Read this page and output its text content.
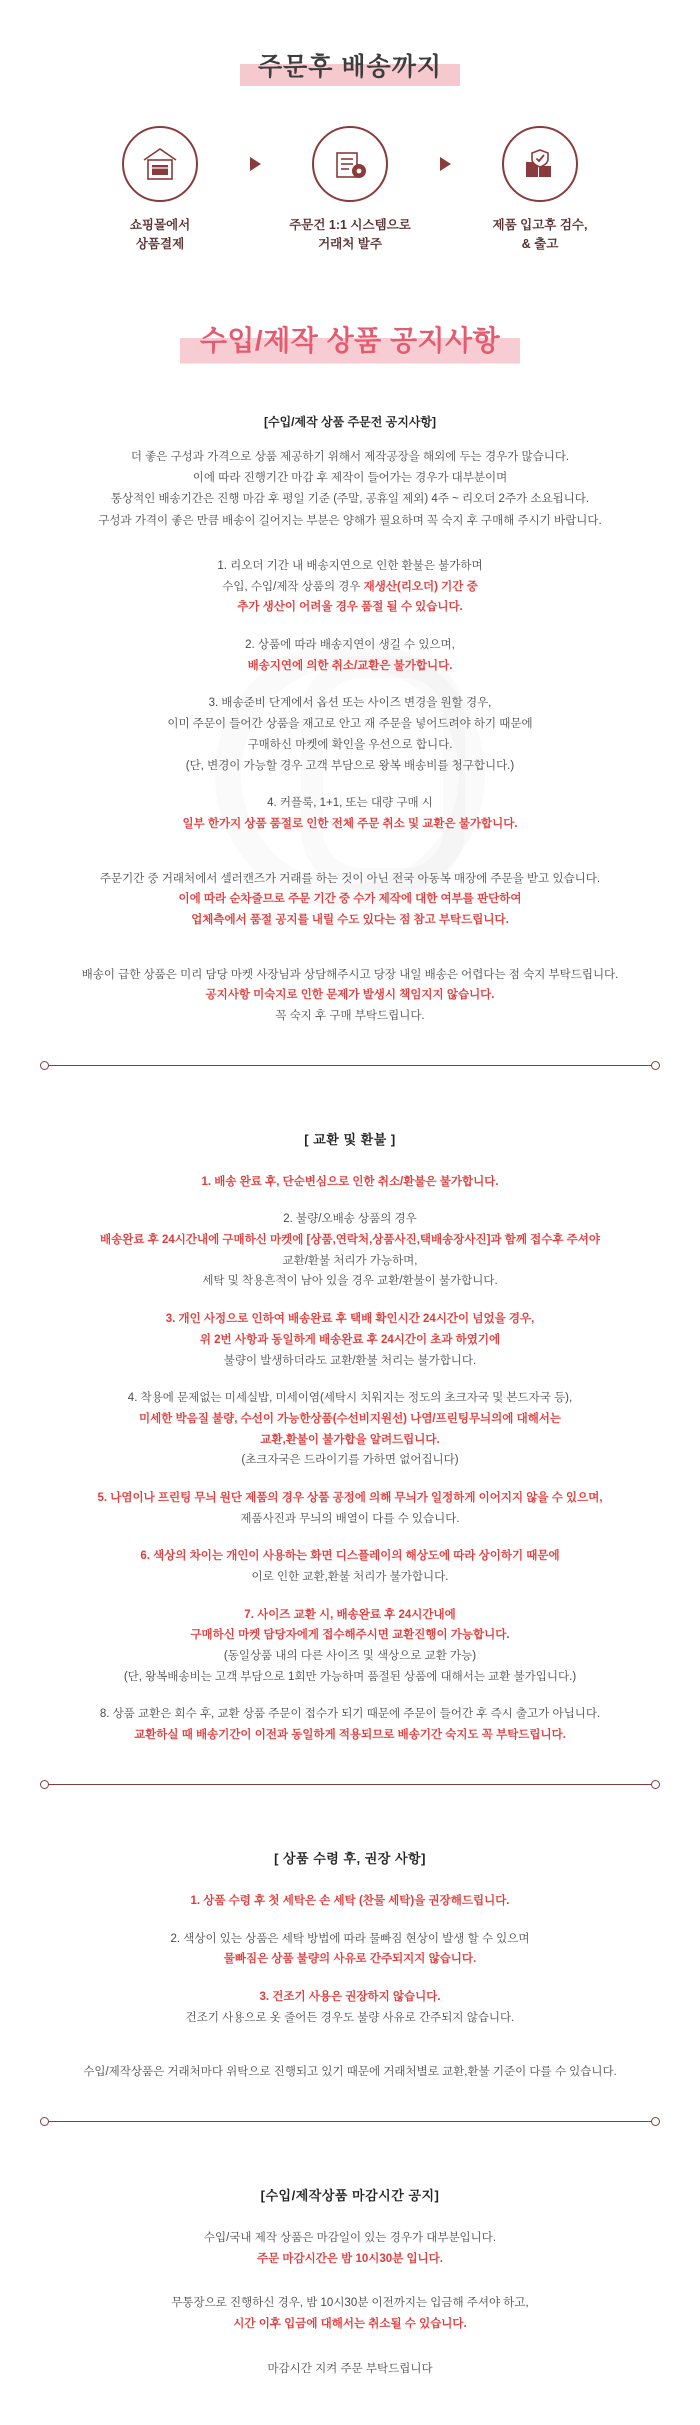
주문후 배송까지
쇼핑몰에서
상품결제
주문건 1:1 시스템으로
거래처 발주
제품 입고후 검수,
& 출고
수입/제작 상품 공지사항
[수입/제작 상품 주문전 공지사항]
더 좋은 구성과 가격으로 상품 제공하기 위해서 제작공장을 해외에 두는 경우가 많습니다.
이에 따라 진행기간 마감 후 제작이 들어가는 경우가 대부분이며
통상적인 배송기간은 진행 마감 후 평일 기준 (주말, 공휴일 제외) 4주 ~ 리오더 2주가 소요됩니다.
구성과 가격이 좋은 만큼 배송이 길어지는 부분은 양해가 필요하며 꼭 숙지 후 구매해 주시기 바랍니다.
1. 리오더 기간 내 배송지연으로 인한 환불은 불가하며
수입, 수입/제작 상품의 경우 재생산(리오더) 기간 중
추가 생산이 어려울 경우 품절 될 수 있습니다.
2. 상품에 따라 배송지연이 생길 수 있으며,
배송지연에 의한 취소/교환은 불가합니다.
3. 배송준비 단계에서 옵션 또는 사이즈 변경을 원할 경우,
이미 주문이 들어간 상품을 재고로 안고 재 주문을 넣어드려야 하기 때문에
구매하신 마켓에 확인을 우선으로 합니다.
(단, 변경이 가능할 경우 고객 부담으로 왕복 배송비를 청구합니다.)
4. 커플룩, 1+1, 또는 대량 구매 시
일부 한가지 상품 품절로 인한 전체 주문 취소 및 교환은 불가합니다.
주문기간 중 거래처에서 셀러캔즈가 거래를 하는 것이 아닌 전국 아동복 매장에 주문을 받고 있습니다.
이에 따라 순차줄므로 주문 기간 중 수가 제작에 대한 여부를 판단하여
업체측에서 품절 공지를 내릴 수도 있다는 점 참고 부탁드립니다.
배송이 급한 상품은 미리 담당 마켓 사장님과 상담해주시고 당장 내일 배송은 어렵다는 점 숙지 부탁드립니다.
공지사항 미숙지로 인한 문제가 발생시 책임지지 않습니다.
꼭 숙지 후 구매 부탁드립니다.
[ 교환 및 환불 ]
1. 배송 완료 후, 단순변심으로 인한 취소/환불은 불가합니다.
2. 불량/오배송 상품의 경우
배송완료 후 24시간내에 구매하신 마켓에 [상품,연락처,상품사진,택배송장사진]과 함께 접수후 주셔야
교환/환불 처리가 가능하며,
세탁 및 착용흔적이 남아 있을 경우 교환/환불이 불가합니다.
3. 개인 사정으로 인하여 배송완료 후 택배 확인시간 24시간이 넘었을 경우,
위 2번 사항과 동일하게 배송완료 후 24시간이 초과 하였기에
불량이 발생하더라도 교환/환불 처리는 불가합니다.
4. 착용에 문제없는 미세실밥, 미세이염(세탁시 치워지는 정도의 초크자국 및 본드자국 등),
미세한 박음질 불량, 수선이 가능한상품(수선비지원선) 나염/프린팅무늬의에 대해서는
교환,환불이 불가합을 알려드립니다.
(초크자국은 드라이기를 가하면 없어집니다)
5. 나염이나 프린팅 무늬 원단 제품의 경우 상품 공정에 의해 무늬가 일정하게 이어지지 않을 수 있으며,
제품사진과 무늬의 배열이 다를 수 있습니다.
6. 색상의 차이는 개인이 사용하는 화면 디스플레이의 해상도에 따라 상이하기 때문에
이로 인한 교환,환불 처리가 불가합니다.
7. 사이즈 교환 시, 배송완료 후 24시간내에
구매하신 마켓 담당자에게 접수해주시면 교환진행이 가능합니다.
(동일상품 내의 다른 사이즈 및 색상으로 교환 가능)
(단, 왕복배송비는 고객 부담으로 1회만 가능하며 품절된 상품에 대해서는 교환 불가입니다.)
8. 상품 교환은 회수 후, 교환 상품 주문이 접수가 되기 때문에 주문이 들어간 후 즉시 출고가 아닙니다.
교환하실 때 배송기간이 이전과 동일하게 적용되므로 배송기간 숙지도 꼭 부탁드립니다.
[ 상품 수령 후, 권장 사항]
1. 상품 수령 후 첫 세탁은 손 세탁 (찬물 세탁)을 권장해드립니다.
2. 색상이 있는 상품은 세탁 방법에 따라 물빠짐 현상이 발생 할 수 있으며
물빠짐은 상품 불량의 사유로 간주되지지 않습니다.
3. 건조기 사용은 권장하지 않습니다.
건조기 사용으로 옷 줄어든 경우도 불량 사유로 간주되지 않습니다.
수입/제작상품은 거래처마다 위탁으로 진행되고 있기 때문에 거래처별로 교환,환불 기준이 다를 수 있습니다.
[수입/제작상품 마감시간 공지]
수입/국내 제작 상품은 마감일이 있는 경우가 대부분입니다.
주문 마감시간은 밤 10시30분 입니다.
무통장으로 진행하신 경우, 밤 10시30분 이전까지는 입금해 주셔야 하고,
시간 이후 입금에 대해서는 취소될 수 있습니다.
마감시간 지켜 주문 부탁드립니다
